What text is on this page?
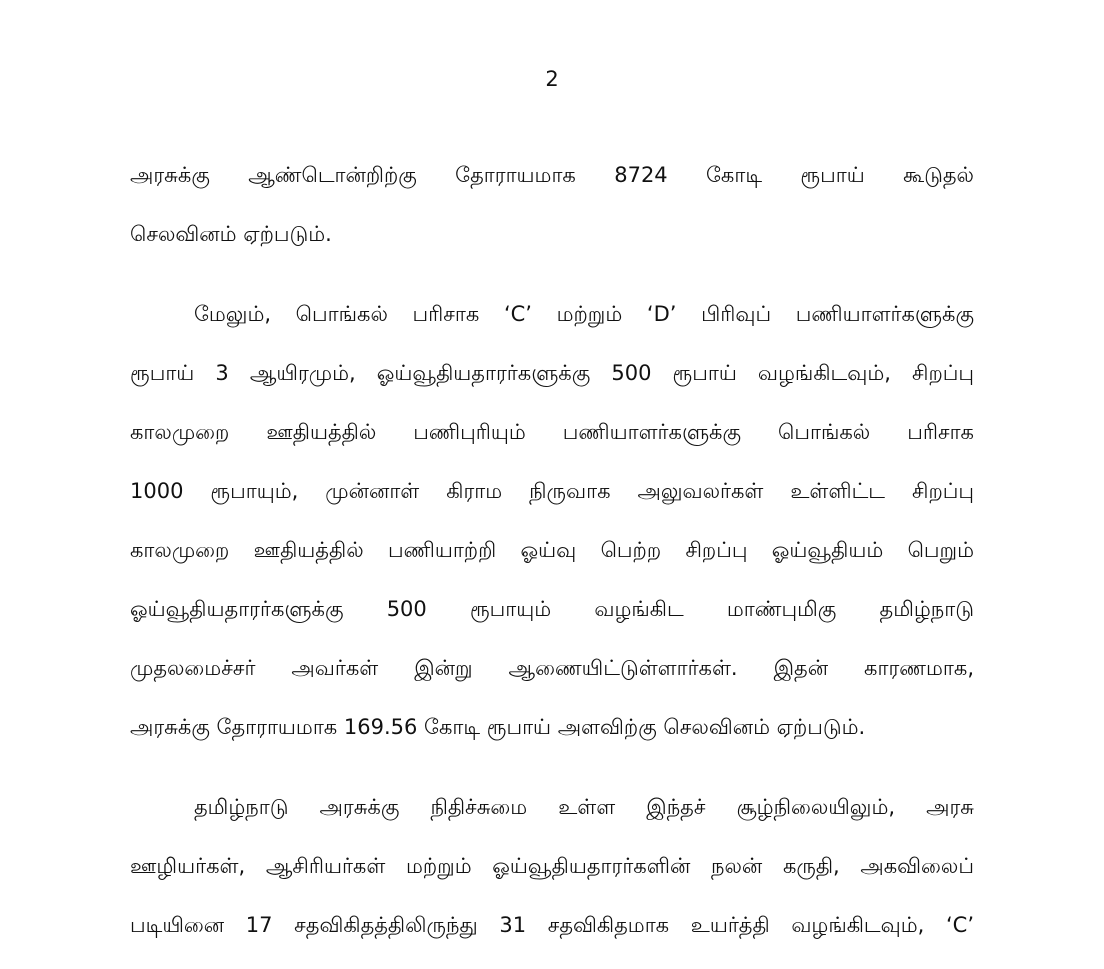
2
அரசுக்கு ஆண்டொன்றிற்கு தோராயமாக 8724 கோடி ரூபாய் கூடுதல்
செலவினம் ஏற்படும்.
மேலும், பொங்கல் பரிசாக ‘C’ மற்றும் ‘D’ பிரிவுப் பணியாளர்களுக்கு
ரூபாய் 3 ஆயிரமும், ஓய்வூதியதாரர்களுக்கு 500 ரூபாய் வழங்கிடவும், சிறப்பு
காலமுறை ஊதியத்தில் பணிபுரியும் பணியாளர்களுக்கு பொங்கல் பரிசாக
1000 ரூபாயும், முன்னாள் கிராம நிருவாக அலுவலர்கள் உள்ளிட்ட சிறப்பு
காலமுறை ஊதியத்தில் பணியாற்றி ஓய்வு பெற்ற சிறப்பு ஓய்வூதியம் பெறும்
ஓய்வூதியதாரர்களுக்கு 500 ரூபாயும் வழங்கிட மாண்புமிகு தமிழ்நாடு
முதலமைச்சர் அவர்கள் இன்று ஆணையிட்டுள்ளார்கள். இதன் காரணமாக,
அரசுக்கு தோராயமாக 169.56 கோடி ரூபாய் அளவிற்கு செலவினம் ஏற்படும்.
தமிழ்நாடு அரசுக்கு நிதிச்சுமை உள்ள இந்தச் சூழ்நிலையிலும், அரசு
ஊழியர்கள், ஆசிரியர்கள் மற்றும் ஓய்வூதியதாரர்களின் நலன் கருதி, அகவிலைப்
படியினை 17 சதவிகிதத்திலிருந்து 31 சதவிகிதமாக உயர்த்தி வழங்கிடவும், ‘C’
